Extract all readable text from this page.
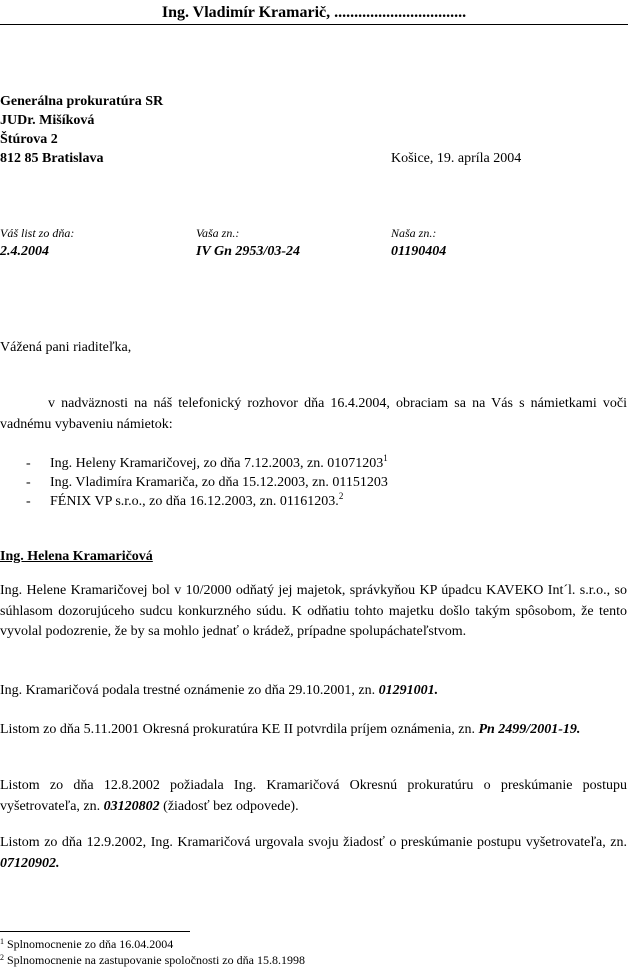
Ing. Vladimír Kramarič, .................................
Generálna prokuratúra SR
JUDr. Mišíková
Štúrova 2
812 85 Bratislava	Košice, 19. apríla 2004
Váš list zo dňa:
2.4.2004
Vaša zn.:
IV Gn 2953/03-24
Naša zn.:
01190404
Vážená pani riaditeľka,
v nadväznosti na náš telefonický rozhovor dňa 16.4.2004, obraciam sa na Vás s námietkami voči vadnému vybaveniu námietok:
- Ing. Heleny Kramaričovej, zo dňa 7.12.2003, zn. 01071203$^1$
- Ing. Vladimíra Kramariča, zo dňa 15.12.2003, zn. 01151203
- FÉNIX VP s.r.o., zo dňa 16.12.2003, zn. 01161203.$^2$
Ing. Helena Kramaričová
Ing. Helene Kramaričovej bol v 10/2000 odňatý jej majetok, správkyňou KP úpadcu KAVEKO Int´l. s.r.o., so súhlasom dozorujúceho sudcu konkurzného súdu. K odňatiu tohto majetku došlo takým spôsobom, že tento vyvolal podozrenie, že by sa mohlo jednať o krádež, prípadne spolupáchateľstvom.
Ing. Kramaričová podala trestné oznámenie zo dňa 29.10.2001, zn. 01291001.
Listom zo dňa 5.11.2001 Okresná prokuratúra KE II potvrdila príjem oznámenia, zn. Pn 2499/2001-19.
Listom zo dňa 12.8.2002 požiadala Ing. Kramaričová Okresnú prokuratúru o preskúmanie postupu vyšetrovateľa, zn. 03120802 (žiadosť bez odpovede).
Listom zo dňa 12.9.2002, Ing. Kramaričová urgovala svoju žiadosť o preskúmanie postupu vyšetrovateľa, zn. 07120902.
$^1$ Splnomocnenie zo dňa 16.04.2004
$^2$ Splnomocnenie na zastupovanie spoločnosti zo dňa 15.8.1998
